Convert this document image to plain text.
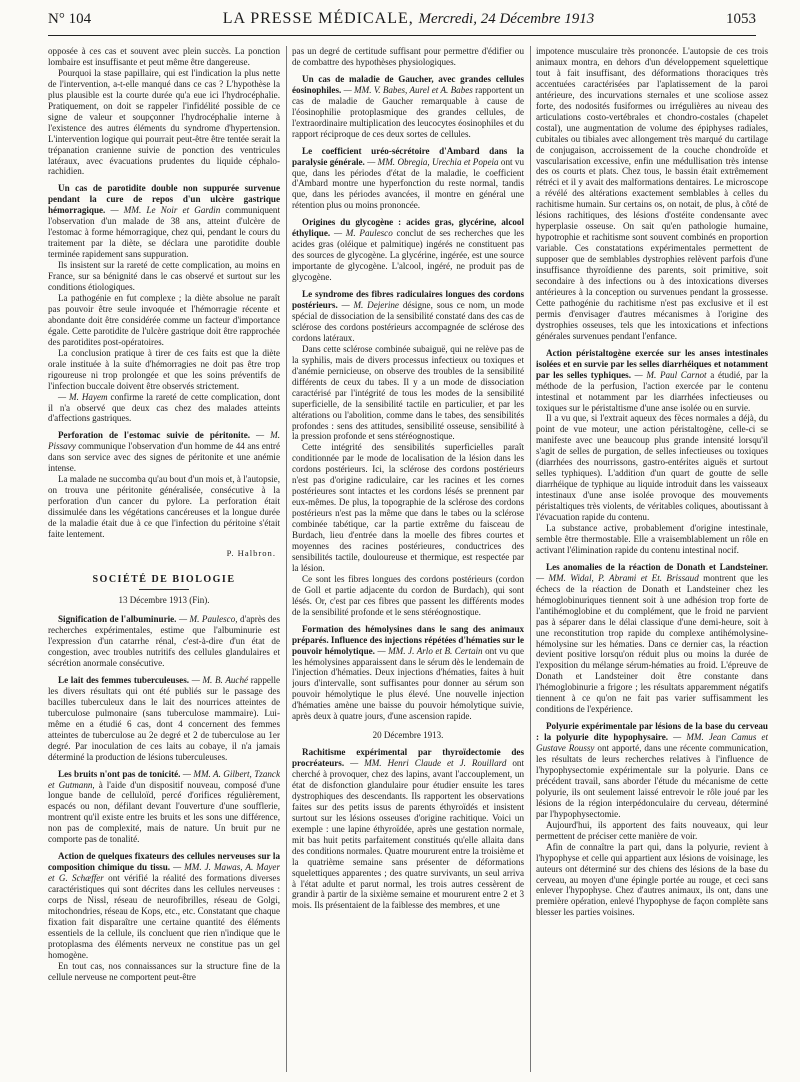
N° 104	LA PRESSE MÉDICALE, Mercredi, 24 Décembre 1913	1053

opposée à ces cas et souvent avec plein succès. La ponction lombaire est insuffisante et peut même être dangereuse.

Pourquoi la stase papillaire, qui est l'indication la plus nette de l'intervention, a-t-elle manqué dans ce cas ? L'hypothèse la plus plausible est la courte durée qu'a eue ici l'hydrocéphalie. Pratiquement, on doit se rappeler l'infidélité possible de ce signe de valeur et soupçonner l'hydrocéphalie interne à l'existence des autres éléments du syndrome d'hypertension. L'intervention logique qui pourrait peut-être être tentée serait la trépanation cranienne suivie de ponction des ventricules latéraux, avec évacuations prudentes du liquide céphalo-rachidien.

Un cas de parotidite double non suppurée survenue pendant la cure de repos d'un ulcère gastrique hémorragique. — MM. Le Noir et Gardin communiquent l'observation d'un malade de 38 ans, atteint d'ulcère de l'estomac à forme hémorragique, chez qui, pendant le cours du traitement par la diète, se déclara une parotidite double terminée rapidement sans suppuration.

Ils insistent sur la rareté de cette complication, au moins en France, sur sa bénignité dans le cas observé et surtout sur les conditions étiologiques.

La pathogénie en fut complexe ; la diète absolue ne paraît pas pouvoir être seule invoquée et l'hémorragie récente et abondante doit être considérée comme un facteur d'importance égale. Cette parotidite de l'ulcère gastrique doit être rapprochée des parotidites post-opératoires.

La conclusion pratique à tirer de ces faits est que la diète orale instituée à la suite d'hémorragies ne doit pas être trop rigoureuse ni trop prolongée et que les soins préventifs de l'infection buccale doivent être observés strictement.

— M. Hayem confirme la rareté de cette complication, dont il n'a observé que deux cas chez des malades atteints d'affections gastriques.

Perforation de l'estomac suivie de péritonite. — M. Pissavy communique l'observation d'un homme de 44 ans entré dans son service avec des signes de péritonite et une anémie intense.

La malade ne succomba qu'au bout d'un mois et, à l'autopsie, on trouva une péritonite généralisée, consécutive à la perforation d'un cancer du pylore. La perforation était dissimulée dans les végétations cancéreuses et la longue durée de la maladie était due à ce que l'infection du péritoine s'était faite lentement.

P. Halbron.
SOCIÉTÉ DE BIOLOGIE
13 Décembre 1913 (Fin).

Signification de l'albuminurie. — M. Paulesco, d'après des recherches expérimentales, estime que l'albuminurie est l'expression d'un catarrhe rénal, c'est-à-dire d'un état de congestion, avec troubles nutritifs des cellules glandulaires et sécrétion anormale consécutive.

Le lait des femmes tuberculeuses. — M. B. Auché rappelle les divers résultats qui ont été publiés sur le passage des bacilles tuberculeux dans le lait des nourrices atteintes de tuberculose pulmonaire (sans tuberculose mammaire). Lui-même en a étudié 6 cas, dont 4 concernent des femmes atteintes de tuberculose au 2e degré et 2 de tuberculose au 1er degré. Par inoculation de ces laits au cobaye, il n'a jamais déterminé la production de lésions tuberculeuses.

Les bruits n'ont pas de tonicité. — MM. A. Gilbert, Tzanck et Gutmann, à l'aide d'un dispositif nouveau, composé d'une longue bande de celluloïd, percé d'orifices régulièrement, espacés ou non, défilant devant l'ouverture d'une soufflerie, montrent qu'il existe entre les bruits et les sons une différence, non pas de complexité, mais de nature. Un bruit pur ne comporte pas de tonalité.

Action de quelques fixateurs des cellules nerveuses sur la composition chimique du tissu. — MM. J. Mawas, A. Mayer et G. Schæffer ont vérifié la réalité des formations diverses caractéristiques qui sont décrites dans les cellules nerveuses : corps de Nissl, réseau de neurofibrilles, réseau de Golgi, mitochondries, réseau de Kops, etc., etc. Constatant que chaque fixation fait disparaître une certaine quantité des éléments essentiels de la cellule, ils concluent que rien n'indique que le protoplasma des éléments nerveux ne constitue pas un gel homogène.

En tout cas, nos connaissances sur la structure fine de la cellule nerveuse ne comportent peut-être

pas un degré de certitude suffisant pour permettre d'édifier ou de combattre des hypothèses physiologiques.

Un cas de maladie de Gaucher, avec grandes cellules éosinophiles. — MM. V. Babes, Aurel et A. Babes rapportent un cas de maladie de Gaucher remarquable à cause de l'éosinophilie protoplasmique des grandes cellules, de l'extraordinaire multiplication des leucocytes éosinophiles et du rapport réciproque de ces deux sortes de cellules.

Le coefficient uréo-sécrétoire d'Ambard dans la paralysie générale. — MM. Obregia, Urechia et Popeia ont vu que, dans les périodes d'état de la maladie, le coefficient d'Ambard montre une hyperfonction du reste normal, tandis que, dans les périodes avancées, il montre en général une rétention plus ou moins prononcée.

Origines du glycogène : acides gras, glycérine, alcool éthylique. — M. Paulesco conclut de ses recherches que les acides gras (oléique et palmitique) ingérés ne constituent pas des sources de glycogène. La glycérine, ingérée, est une source importante de glycogène. L'alcool, ingéré, ne produit pas de glycogène.

Le syndrome des fibres radiculaires longues des cordons postérieurs. — M. Dejerine désigne, sous ce nom, un mode spécial de dissociation de la sensibilité constaté dans des cas de sclérose des cordons postérieurs accompagnée de sclérose des cordons latéraux.

Dans cette sclérose combinée subaiguë, qui ne relève pas de la syphilis, mais de divers processus infectieux ou toxiques et d'anémie pernicieuse, on observe des troubles de la sensibilité différents de ceux du tabes. Il y a un mode de dissociation caractérisé par l'intégrité de tous les modes de la sensibilité superficielle, de la sensibilité tactile en particulier, et par les altérations ou l'abolition, comme dans le tabes, des sensibilités profondes : sens des attitudes, sensibilité osseuse, sensibilité à la pression profonde et sens stéréognostique.

Cette intégrité des sensibilités superficielles paraît conditionnée par le mode de localisation de la lésion dans les cordons postérieurs. Ici, la sclérose des cordons postérieurs n'est pas d'origine radiculaire, car les racines et les cornes postérieures sont intactes et les cordons lésés se prennent par eux-mêmes. De plus, la topographie de la sclérose des cordons postérieurs n'est pas la même que dans le tabes ou la sclérose combinée tabétique, car la partie extrême du faisceau de Burdach, lieu d'entrée dans la moelle des fibres courtes et moyennes des racines postérieures, conductrices des sensibilités tactile, douloureuse et thermique, est respectée par la lésion.

Ce sont les fibres longues des cordons postérieurs (cordon de Goll et partie adjacente du cordon de Burdach), qui sont lésés. Or, c'est par ces fibres que passent les différents modes de la sensibilité profonde et le sens stéréognostique.

Formation des hémolysines dans le sang des animaux préparés. Influence des injections répétées d'hématies sur le pouvoir hémolytique. — MM. J. Arlo et B. Certain ont vu que les hémolysines apparaissent dans le sérum dès le lendemain de l'injection d'hématies. Deux injections d'hématies, faites à huit jours d'intervalle, sont suffisantes pour donner au sérum son pouvoir hémolytique le plus élevé. Une nouvelle injection d'hématies amène une baisse du pouvoir hémolytique suivie, après deux à quatre jours, d'une ascension rapide.

20 Décembre 1913.

Rachitisme expérimental par thyroïdectomie des procréateurs. — MM. Henri Claude et J. Rouillard ont cherché à provoquer, chez des lapins, avant l'accouplement, un état de disfonction glandulaire pour étudier ensuite les tares dystrophiques des descendants. Ils rapportent les observations faites sur des petits issus de parents éthyroïdés et insistent surtout sur les lésions osseuses d'origine rachitique. Voici un exemple : une lapine éthyroïdée, après une gestation normale, mit bas huit petits parfaitement constitués qu'elle allaita dans des conditions normales. Quatre moururent entre la troisième et la quatrième semaine sans présenter de déformations squelettiques apparentes ; des quatre survivants, un seul arriva à l'état adulte et parut normal, les trois autres cessèrent de grandir à partir de la sixième semaine et moururent entre 2 et 3 mois. Ils présentaient de la faiblesse des membres, et une

impotence musculaire très prononcée. L'autopsie de ces trois animaux montra, en dehors d'un développement squelettique tout à fait insuffisant, des déformations thoraciques très accentuées caractérisées par l'aplatissement de la paroi antérieure, des incurvations sternales et une scoliose assez forte, des nodosités fusiformes ou irrégulières au niveau des articulations costo-vertébrales et chondro-costales (chapelet costal), une augmentation de volume des épiphyses radiales, cubitales ou tibiales avec allongement très marqué du cartilage de conjugaison, accroissement de la couche chondroïde et vascularisation excessive, enfin une médullisation très intense des os courts et plats. Chez tous, le bassin était extrêmement rétréci et il y avait des malformations dentaires. Le microscope a révélé des altérations exactement semblables à celles du rachitisme humain. Sur certains os, on notait, de plus, à côté de lésions rachitiques, des lésions d'ostéite condensante avec hyperplasie osseuse. On sait qu'en pathologie humaine, hypotrophie et rachitisme sont souvent combinés en proportion variable. Ces constatations expérimentales permettent de supposer que de semblables dystrophies relèvent parfois d'une insuffisance thyroïdienne des parents, soit primitive, soit secondaire à des infections ou à des intoxications diverses antérieures à la conception ou survenues pendant la grossesse. Cette pathogénie du rachitisme n'est pas exclusive et il est permis d'envisager d'autres mécanismes à l'origine des dystrophies osseuses, tels que les intoxications et infections générales survenues pendant l'enfance.

Action péristaltogène exercée sur les anses intestinales isolées et en survie par les selles diarrhéiques et notamment par les selles typhiques. — M. Paul Carnot a étudié, par la méthode de la perfusion, l'action exercée par le contenu intestinal et notamment par les diarrhées infectieuses ou toxiques sur le péristaltisme d'une anse isolée ou en survie.

Il a vu que, si l'extrait aqueux des fèces normales a déjà, du point de vue moteur, une action péristaltogène, celle-ci se manifeste avec une beaucoup plus grande intensité lorsqu'il s'agit de selles de purgation, de selles infectieuses ou toxiques (diarrhées des nourrissons, gastro-entérites aiguës et surtout selles typhiques). L'addition d'un quart de goutte de selle diarrhéique de typhique au liquide introduit dans les vaisseaux intestinaux d'une anse isolée provoque des mouvements péristaltiques très violents, de véritables coliques, aboutissant à l'évacuation rapide du contenu.

La substance active, probablement d'origine intestinale, semble être thermostable. Elle a vraisemblablement un rôle en activant l'élimination rapide du contenu intestinal nocif.

Les anomalies de la réaction de Donath et Landsteiner. — MM. Widal, P. Abrami et Et. Brissaud montrent que les échecs de la réaction de Donath et Landsteiner chez les hémoglobinuriques tiennent soit à une adhésion trop forte de l'antihémoglobine et du complément, que le froid ne parvient pas à séparer dans le délai classique d'une demi-heure, soit à une reconstitution trop rapide du complexe antihémolysine-hémolysine sur les hématies. Dans ce dernier cas, la réaction devient positive lorsqu'on réduit plus ou moins la durée de l'exposition du mélange sérum-hématies au froid. L'épreuve de Donath et Landsteiner doit être constante dans l'hémoglobinurie a frigore ; les résultats apparemment négatifs tiennent à ce qu'on ne fait pas varier suffisamment les conditions de l'expérience.

Polyurie expérimentale par lésions de la base du cerveau : la polyurie dite hypophysaire. — MM. Jean Camus et Gustave Roussy ont apporté, dans une récente communication, les résultats de leurs recherches relatives à l'influence de l'hypophysectomie expérimentale sur la polyurie. Dans ce précédent travail, sans aborder l'étude du mécanisme de cette polyurie, ils ont seulement laissé entrevoir le rôle joué par les lésions de la région interpédonculaire du cerveau, déterminé par l'hypophysectomie.

Aujourd'hui, ils apportent des faits nouveaux, qui leur permettent de préciser cette manière de voir.

Afin de connaître la part qui, dans la polyurie, revient à l'hypophyse et celle qui appartient aux lésions de voisinage, les auteurs ont déterminé sur des chiens des lésions de la base du cerveau, au moyen d'une épingle portée au rouge, et ceci sans enlever l'hypophyse. Chez d'autres animaux, ils ont, dans une première opération, enlevé l'hypophyse de façon complète sans blesser les parties voisines.
